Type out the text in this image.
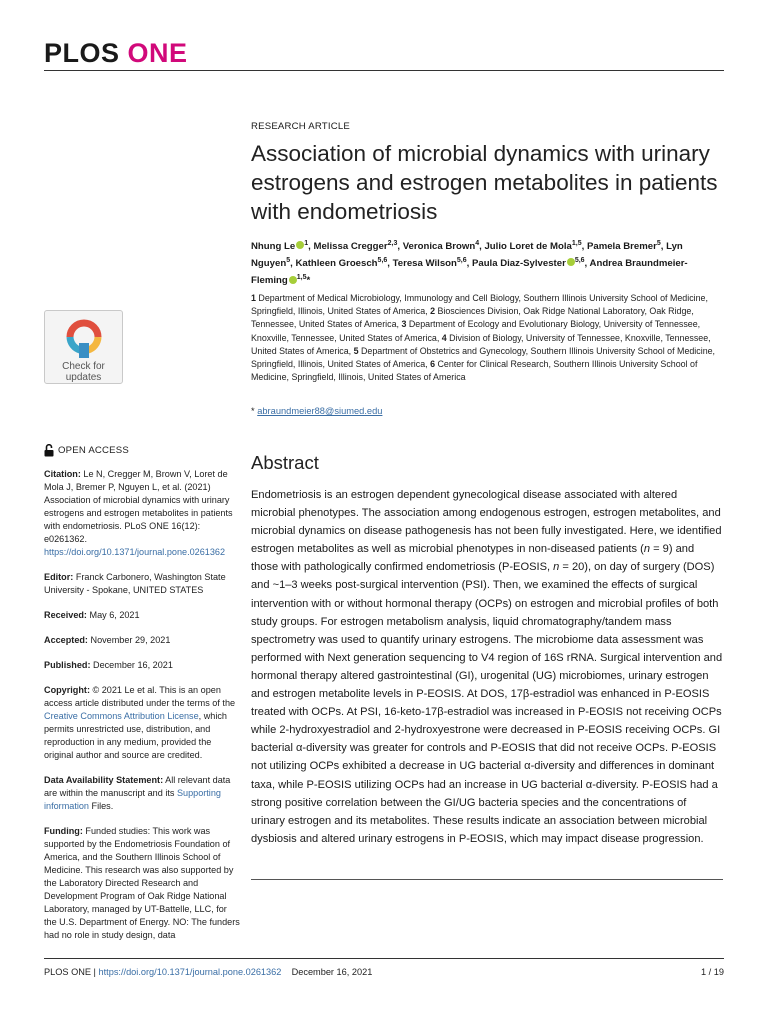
PLOS ONE
Check for
updates
OPEN ACCESS
Citation: Le N, Cregger M, Brown V, Loret de Mola J, Bremer P, Nguyen L, et al. (2021) Association of microbial dynamics with urinary estrogens and estrogen metabolites in patients with endometriosis. PLoS ONE 16(12): e0261362. https://doi.org/10.1371/journal.pone.0261362
Editor: Franck Carbonero, Washington State University - Spokane, UNITED STATES
Received: May 6, 2021
Accepted: November 29, 2021
Published: December 16, 2021
Copyright: © 2021 Le et al. This is an open access article distributed under the terms of the Creative Commons Attribution License, which permits unrestricted use, distribution, and reproduction in any medium, provided the original author and source are credited.
Data Availability Statement: All relevant data are within the manuscript and its Supporting information Files.
Funding: Funded studies: This work was supported by the Endometriosis Foundation of America, and the Southern Illinois School of Medicine. This research was also supported by the Laboratory Directed Research and Development Program of Oak Ridge National Laboratory, managed by UT-Battelle, LLC, for the U.S. Department of Energy. NO: The funders had no role in study design, data
RESEARCH ARTICLE
Association of microbial dynamics with urinary estrogens and estrogen metabolites in patients with endometriosis
Nhung Le $^1$, Melissa Cregger$^{2,3}$, Veronica Brown$^4$, Julio Loret de Mola$^{1,5}$, Pamela Bremer$^5$, Lyn Nguyen$^5$, Kathleen Groesch$^{5,6}$, Teresa Wilson$^{5,6}$, Paula Diaz-Sylvester $^{5,6}$, Andrea Braundmeier-Fleming $^{1,5}$*
1 Department of Medical Microbiology, Immunology and Cell Biology, Southern Illinois University School of Medicine, Springfield, Illinois, United States of America, 2 Biosciences Division, Oak Ridge National Laboratory, Oak Ridge, Tennessee, United States of America, 3 Department of Ecology and Evolutionary Biology, University of Tennessee, Knoxville, Tennessee, United States of America, 4 Division of Biology, University of Tennessee, Knoxville, Tennessee, United States of America, 5 Department of Obstetrics and Gynecology, Southern Illinois University School of Medicine, Springfield, Illinois, United States of America, 6 Center for Clinical Research, Southern Illinois University School of Medicine, Springfield, Illinois, United States of America
* abraundmeier88@siumed.edu
Abstract
Endometriosis is an estrogen dependent gynecological disease associated with altered microbial phenotypes. The association among endogenous estrogen, estrogen metabolites, and microbial dynamics on disease pathogenesis has not been fully investigated. Here, we identified estrogen metabolites as well as microbial phenotypes in non-diseased patients (n = 9) and those with pathologically confirmed endometriosis (P-EOSIS, n = 20), on day of surgery (DOS) and ~1–3 weeks post-surgical intervention (PSI). Then, we examined the effects of surgical intervention with or without hormonal therapy (OCPs) on estrogen and microbial profiles of both study groups. For estrogen metabolism analysis, liquid chromatography/tandem mass spectrometry was used to quantify urinary estrogens. The microbiome data assessment was performed with Next generation sequencing to V4 region of 16S rRNA. Surgical intervention and hormonal therapy altered gastrointestinal (GI), urogenital (UG) microbiomes, urinary estrogen and estrogen metabolite levels in P-EOSIS. At DOS, 17β-estradiol was enhanced in P-EOSIS treated with OCPs. At PSI, 16-keto-17β-estradiol was increased in P-EOSIS not receiving OCPs while 2-hydroxyestradiol and 2-hydroxyestrone were decreased in P-EOSIS receiving OCPs. GI bacterial α-diversity was greater for controls and P-EOSIS that did not receive OCPs. P-EOSIS not utilizing OCPs exhibited a decrease in UG bacterial α-diversity and differences in dominant taxa, while P-EOSIS utilizing OCPs had an increase in UG bacterial α-diversity. P-EOSIS had a strong positive correlation between the GI/UG bacteria species and the concentrations of urinary estrogen and its metabolites. These results indicate an association between microbial dysbiosis and altered urinary estrogens in P-EOSIS, which may impact disease progression.
PLOS ONE | https://doi.org/10.1371/journal.pone.0261362 December 16, 2021	1 / 19
